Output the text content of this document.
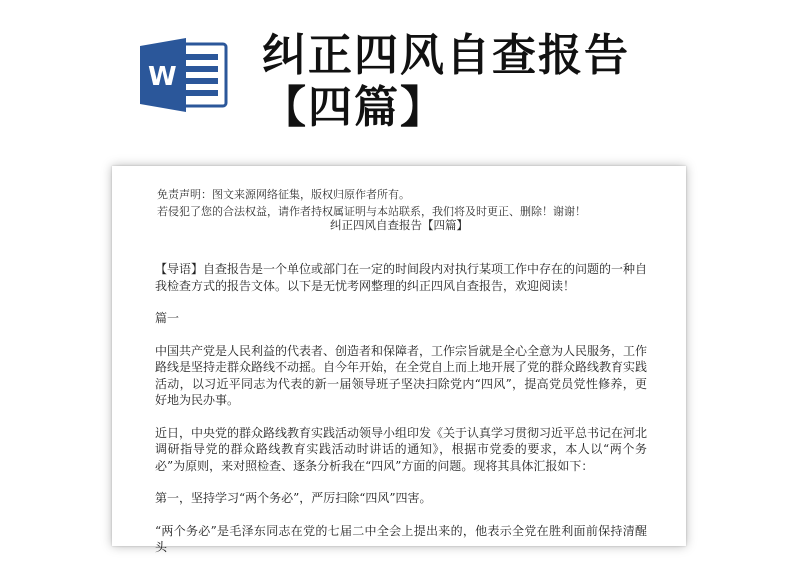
W 纠正四风自查报告【四篇】
免责声明：图文来源网络征集，版权归原作者所有。
若侵犯了您的合法权益，请作者持权属证明与本站联系，我们将及时更正、删除！谢谢！
纠正四风自查报告【四篇】

【导语】自查报告是一个单位或部门在一定的时间段内对执行某项工作中存在的问题的一种自我检查方式的报告文体。以下是无忧考网整理的纠正四风自查报告，欢迎阅读！

篇一

中国共产党是人民利益的代表者、创造者和保障者，工作宗旨就是全心全意为人民服务，工作路线是坚持走群众路线不动摇。自今年开始，在全党自上而上地开展了党的群众路线教育实践活动，以习近平同志为代表的新一届领导班子坚决扫除党内“四风”，提高党员党性修养，更好地为民办事。

近日，中央党的群众路线教育实践活动领导小组印发《关于认真学习贯彻习近平总书记在河北调研指导党的群众路线教育实践活动时讲话的通知》，根据市党委的要求，本人以“两个务必”为原则，来对照检查、逐条分析我在“四风”方面的问题。现将其具体汇报如下：

第一，坚持学习“两个务必”，严厉扫除“四风”四害。

“两个务必”是毛泽东同志在党的七届二中全会上提出来的，他表示全党在胜利面前保持清醒头
